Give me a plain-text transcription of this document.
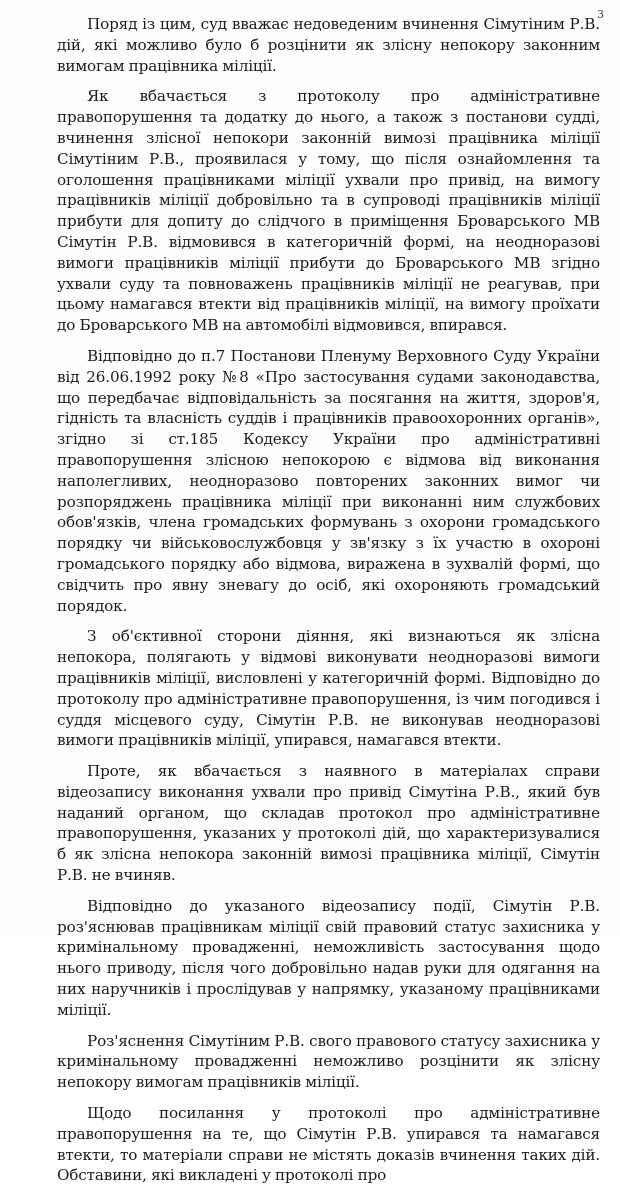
3

Поряд із цим, суд вважає недоведеним вчинення Сімутіним Р.В. дій, які можливо було б розцінити як злісну непокору законним вимогам працівника міліції.

Як вбачається з протоколу про адміністративне правопорушення та додатку до нього, а також з постанови судді, вчинення злісної непокори законній вимозі працівника міліції Сімутіним Р.В., проявилася у тому, що після ознайомлення та оголошення працівниками міліції ухвали про привід, на вимогу працівників міліції добровільно та в супроводі працівників міліції прибути для допиту до слідчого в приміщення Броварського МВ Сімутін Р.В. відмовився в категоричній формі, на неодноразові вимоги працівників міліції прибути до Броварського МВ згідно ухвали суду та повноважень працівників міліції не реагував, при цьому намагався втекти від працівників міліції, на вимогу проїхати до Броварського МВ на автомобілі відмовився, впирався.

Відповідно до п.7 Постанови Пленуму Верховного Суду України від 26.06.1992 року №8 «Про застосування судами законодавства, що передбачає відповідальність за посягання на життя, здоров'я, гідність та власність суддів і працівників правоохоронних органів», згідно зі ст.185 Кодексу України про адміністративні правопорушення злісною непокорою є відмова від виконання наполегливих, неодноразово повторених законних вимог чи розпоряджень працівника міліції при виконанні ним службових обов'язків, члена громадських формувань з охорони громадського порядку чи військовослужбовця у зв'язку з їх участю в охороні громадського порядку або відмова, виражена в зухвалій формі, що свідчить про явну зневагу до осіб, які охороняють громадський порядок.

З об'єктивної сторони діяння, які визнаються як злісна непокора, полягають у відмові виконувати неодноразові вимоги працівників міліції, висловлені у категоричній формі. Відповідно до протоколу про адміністративне правопорушення, із чим погодився і суддя місцевого суду, Сімутін Р.В. не виконував неодноразові вимоги працівників міліції, упирався, намагався втекти.

Проте, як вбачається з наявного в матеріалах справи відеозапису виконання ухвали про привід Сімутіна Р.В., який був наданий органом, що складав протокол про адміністративне правопорушення, указаних у протоколі дій, що характеризувалися б як злісна непокора законній вимозі працівника міліції, Сімутін Р.В. не вчиняв.

Відповідно до указаного відеозапису події, Сімутін Р.В. роз'яснював працівникам міліції свій правовий статус захисника у кримінальному провадженні, неможливість застосування щодо нього приводу, після чого добровільно надав руки для одягання на них наручників і прослідував у напрямку, указаному працівниками міліції.

Роз'яснення Сімутіним Р.В. свого правового статусу захисника у кримінальному провадженні неможливо розцінити як злісну непокору вимогам працівників міліції.

Щодо посилання у протоколі про адміністративне правопорушення на те, що Сімутін Р.В. упирався та намагався втекти, то матеріали справи не містять доказів вчинення таких дій. Обставини, які викладені у протоколі про
